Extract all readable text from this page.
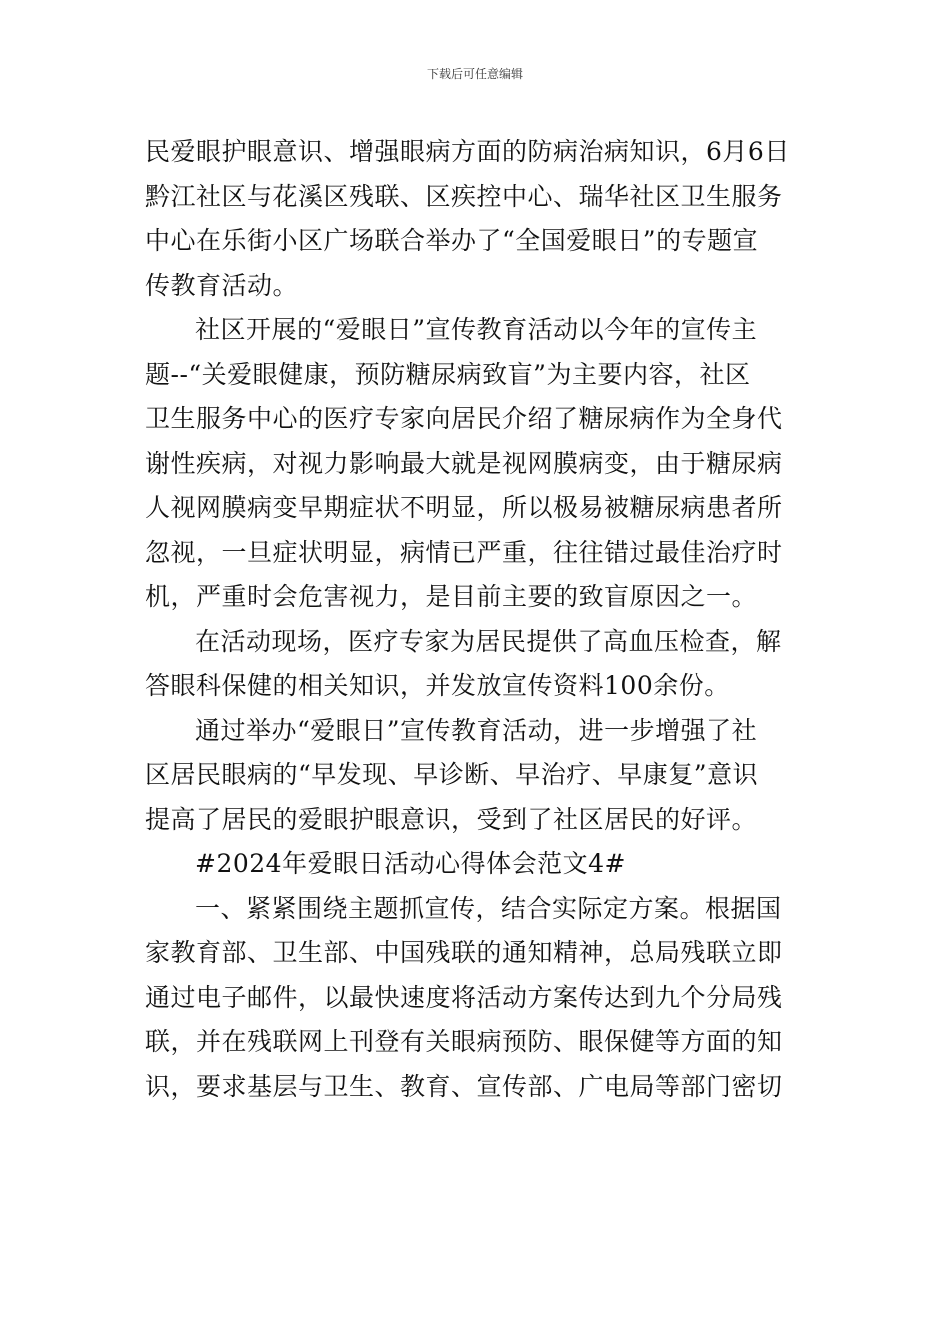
下载后可任意编辑
民爱眼护眼意识、增强眼病方面的防病治病知识，6月6日
黔江社区与花溪区残联、区疾控中心、瑞华社区卫生服务
中心在乐街小区广场联合举办了“全国爱眼日”的专题宣
传教育活动。
社区开展的“爱眼日”宣传教育活动以今年的宣传主
题--“关爱眼健康，预防糖尿病致盲”为主要内容，社区
卫生服务中心的医疗专家向居民介绍了糖尿病作为全身代
谢性疾病，对视力影响最大就是视网膜病变，由于糖尿病
人视网膜病变早期症状不明显，所以极易被糖尿病患者所
忽视，一旦症状明显，病情已严重，往往错过最佳治疗时
机，严重时会危害视力，是目前主要的致盲原因之一。
在活动现场，医疗专家为居民提供了高血压检查，解
答眼科保健的相关知识，并发放宣传资料100余份。
通过举办“爱眼日”宣传教育活动，进一步增强了社
区居民眼病的“早发现、早诊断、早治疗、早康复”意识
提高了居民的爱眼护眼意识，受到了社区居民的好评。
#2024年爱眼日活动心得体会范文4#
一、紧紧围绕主题抓宣传，结合实际定方案。根据国
家教育部、卫生部、中国残联的通知精神，总局残联立即
通过电子邮件，以最快速度将活动方案传达到九个分局残
联，并在残联网上刊登有关眼病预防、眼保健等方面的知
识，要求基层与卫生、教育、宣传部、广电局等部门密切
